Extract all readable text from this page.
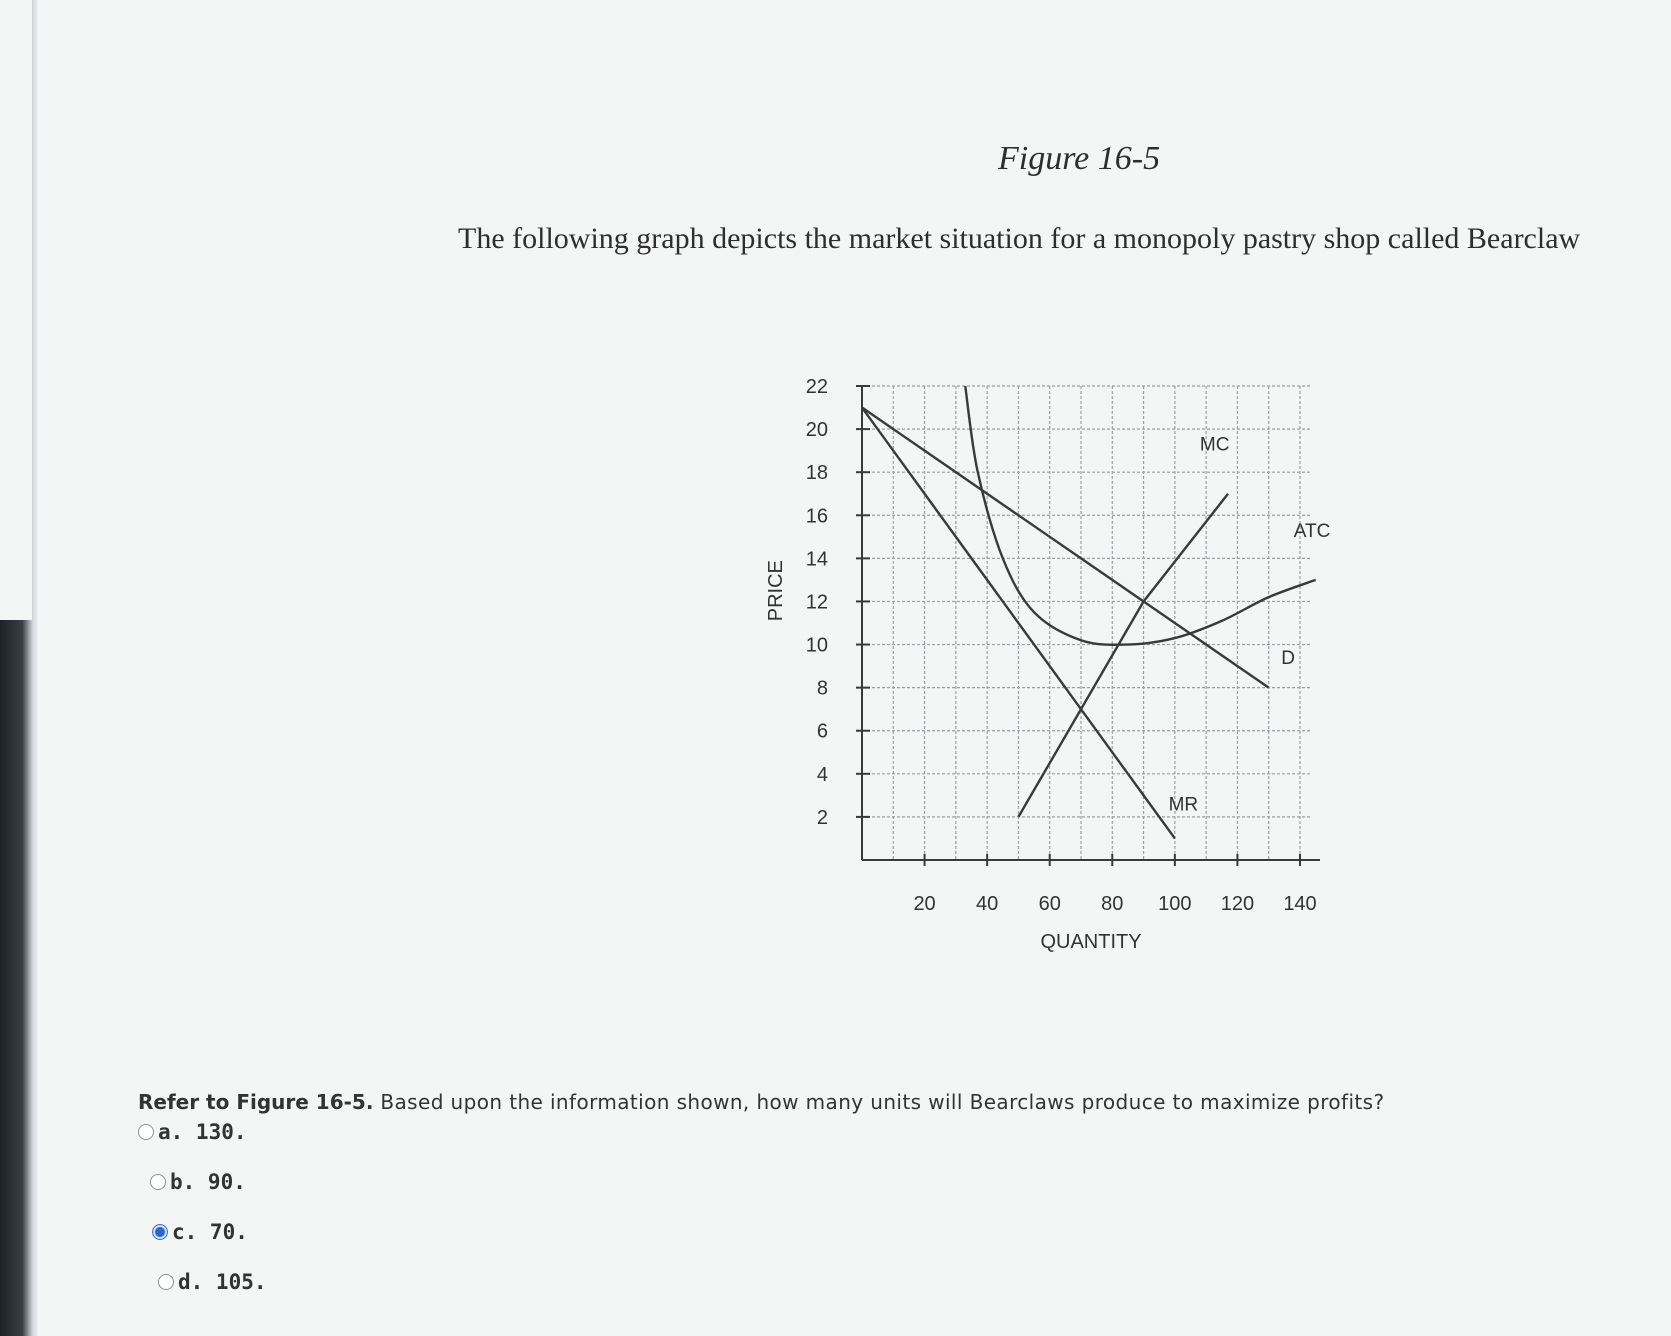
Figure 16-5

The following graph depicts the market situation for a monopoly pastry shop called Bearclaw

20 40 60 80 100 120 140
2
4
6
8
10
12
14
16
18
20
22
QUANTITY
PRICE
D
MR
MC
ATC

Refer to Figure 16-5. Based upon the information shown, how many units will Bearclaws produce to maximize profits?

a. 130.
b. 90.
c. 70.
d. 105.
